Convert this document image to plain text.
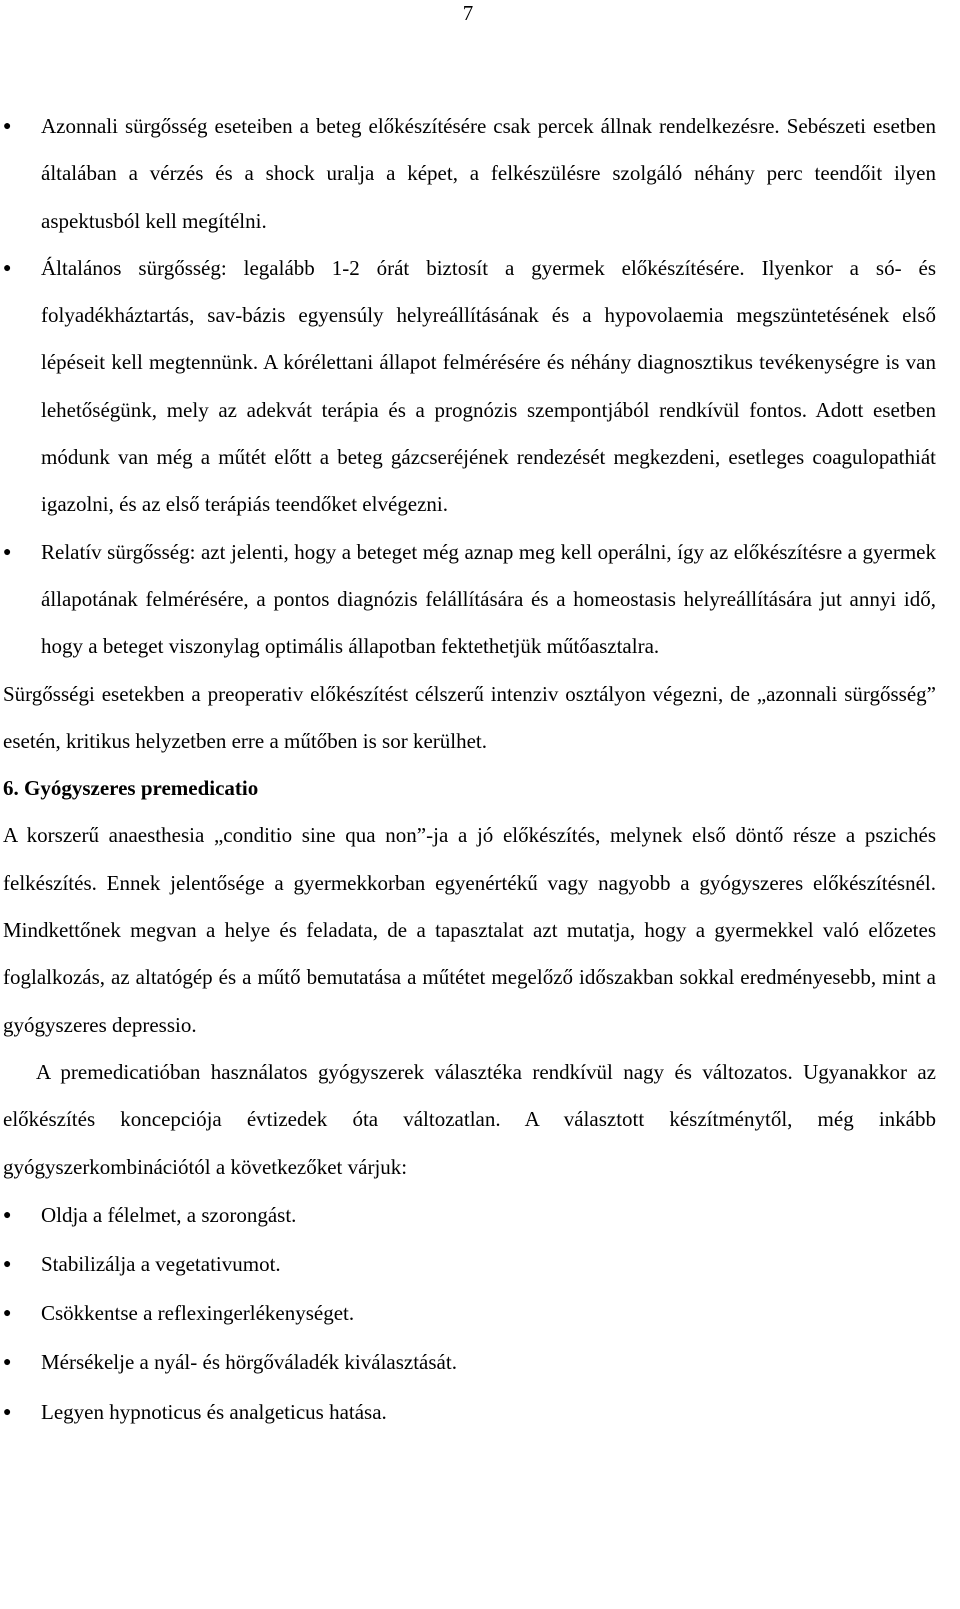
7
●	Azonnali sürgősség eseteiben a beteg előkészítésére csak percek állnak rendelkezésre. Sebészeti esetben általában a vérzés és a shock uralja a képet, a felkészülésre szolgáló néhány perc teendőit ilyen aspektusból kell megítélni.
●	Általános sürgősség: legalább 1-2 órát biztosít a gyermek előkészítésére. Ilyenkor a só- és folyadékháztartás, sav-bázis egyensúly helyreállításának és a hypovolaemia megszüntetésének első lépéseit kell megtennünk. A kórélettani állapot felmérésére és néhány diagnosztikus tevékenységre is van lehetőségünk, mely az adekvát terápia és a prognózis szempontjából rendkívül fontos. Adott esetben módunk van még a műtét előtt a beteg gázcseréjének rendezését megkezdeni, esetleges coagulopathiát igazolni, és az első terápiás teendőket elvégezni.
●	Relatív sürgősség: azt jelenti, hogy a beteget még aznap meg kell operálni, így az előkészítésre a gyermek állapotának felmérésére, a pontos diagnózis felállítására és a homeostasis helyreállítására jut annyi idő, hogy a beteget viszonylag optimális állapotban fektethetjük műtőasztalra.

Sürgősségi esetekben a preoperativ előkészítést célszerű intenziv osztályon végezni, de „azonnali sürgősség” esetén, kritikus helyzetben erre a műtőben is sor kerülhet.

6. Gyógyszeres premedicatio

A korszerű anaesthesia „conditio sine qua non”-ja a jó előkészítés, melynek első döntő része a pszichés felkészítés. Ennek jelentősége a gyermekkorban egyenértékű vagy nagyobb a gyógyszeres előkészítésnél. Mindkettőnek megvan a helye és feladata, de a tapasztalat azt mutatja, hogy a gyermekkel való előzetes foglalkozás, az altatógép és a műtő bemutatása a műtétet megelőző időszakban sokkal eredményesebb, mint a gyógyszeres depressio.

A premedicatióban használatos gyógyszerek választéka rendkívül nagy és változatos. Ugyanakkor az előkészítés koncepciója évtizedek óta változatlan. A választott készítménytől, még inkább gyógyszerkombinációtól a következőket várjuk:

●	Oldja a félelmet, a szorongást.
●	Stabilizálja a vegetativumot.
●	Csökkentse a reflexingerlékenységet.
●	Mérsékelje a nyál- és hörgőváladék kiválasztását.
●	Legyen hypnoticus és analgeticus hatása.
